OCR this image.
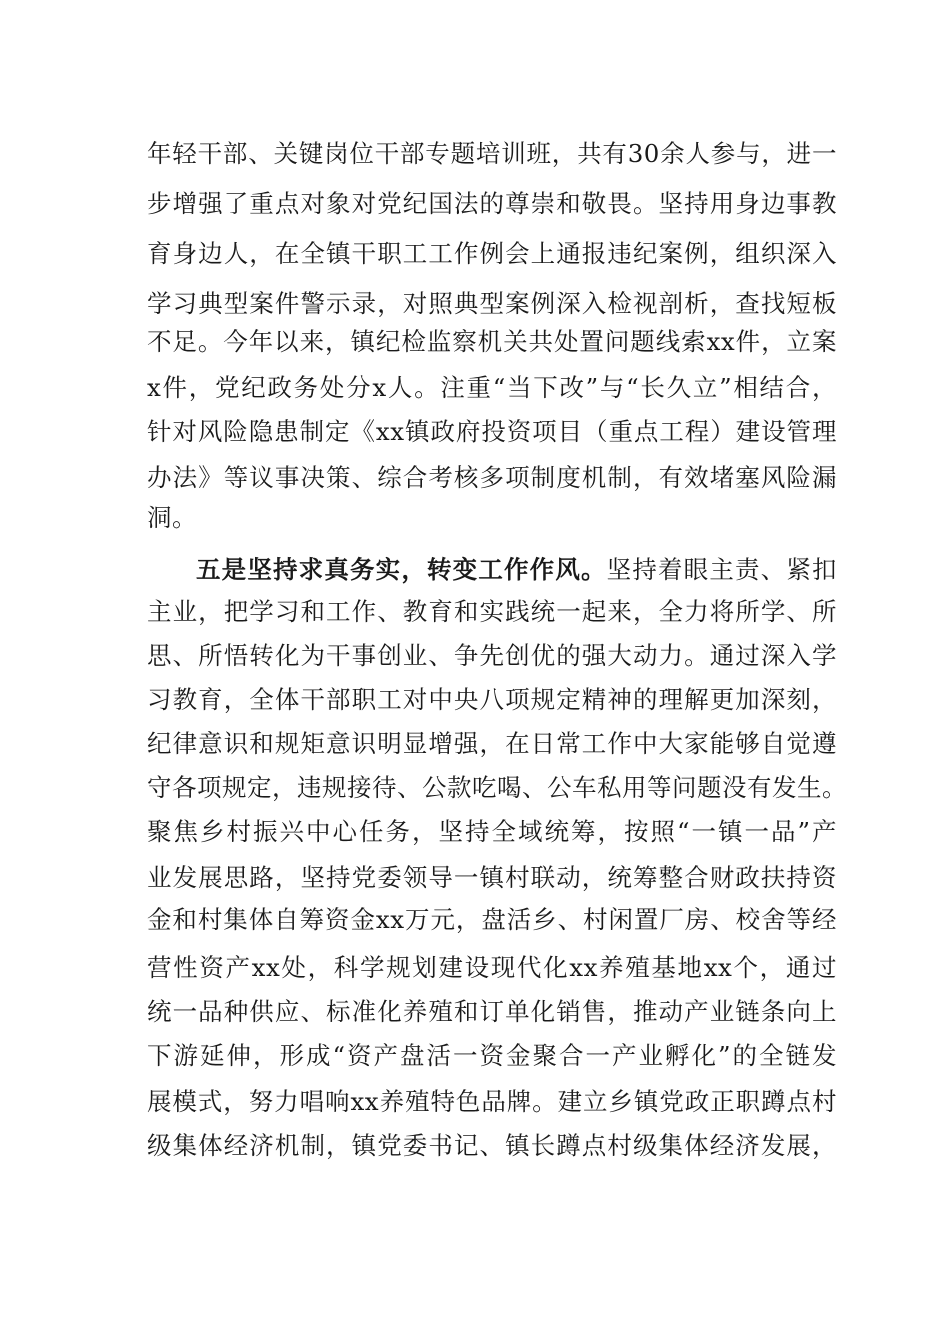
年轻干部、关键岗位干部专题培训班，共有30余人参与，进一
步增强了重点对象对党纪国法的尊崇和敬畏。坚持用身边事教
育身边人，在全镇干职工工作例会上通报违纪案例，组织深入
学习典型案件警示录，对照典型案例深入检视剖析，查找短板
不足。今年以来，镇纪检监察机关共处置问题线索xx件，立案
x件，党纪政务处分x人。注重“当下改”与“长久立”相结合，
针对风险隐患制定《xx镇政府投资项目（重点工程）建设管理
办法》等议事决策、综合考核多项制度机制，有效堵塞风险漏
洞。
五是坚持求真务实，转变工作作风。坚持着眼主责、紧扣
主业，把学习和工作、教育和实践统一起来，全力将所学、所
思、所悟转化为干事创业、争先创优的强大动力。通过深入学
习教育，全体干部职工对中央八项规定精神的理解更加深刻，
纪律意识和规矩意识明显增强，在日常工作中大家能够自觉遵
守各项规定，违规接待、公款吃喝、公车私用等问题没有发生。
聚焦乡村振兴中心任务，坚持全域统筹，按照“一镇一品”产
业发展思路，坚持党委领导一镇村联动，统筹整合财政扶持资
金和村集体自筹资金xx万元，盘活乡、村闲置厂房、校舍等经
营性资产xx处，科学规划建设现代化xx养殖基地xx个，通过
统一品种供应、标准化养殖和订单化销售，推动产业链条向上
下游延伸，形成“资产盘活一资金聚合一产业孵化”的全链发
展模式，努力唱响xx养殖特色品牌。建立乡镇党政正职蹲点村
级集体经济机制，镇党委书记、镇长蹲点村级集体经济发展，
